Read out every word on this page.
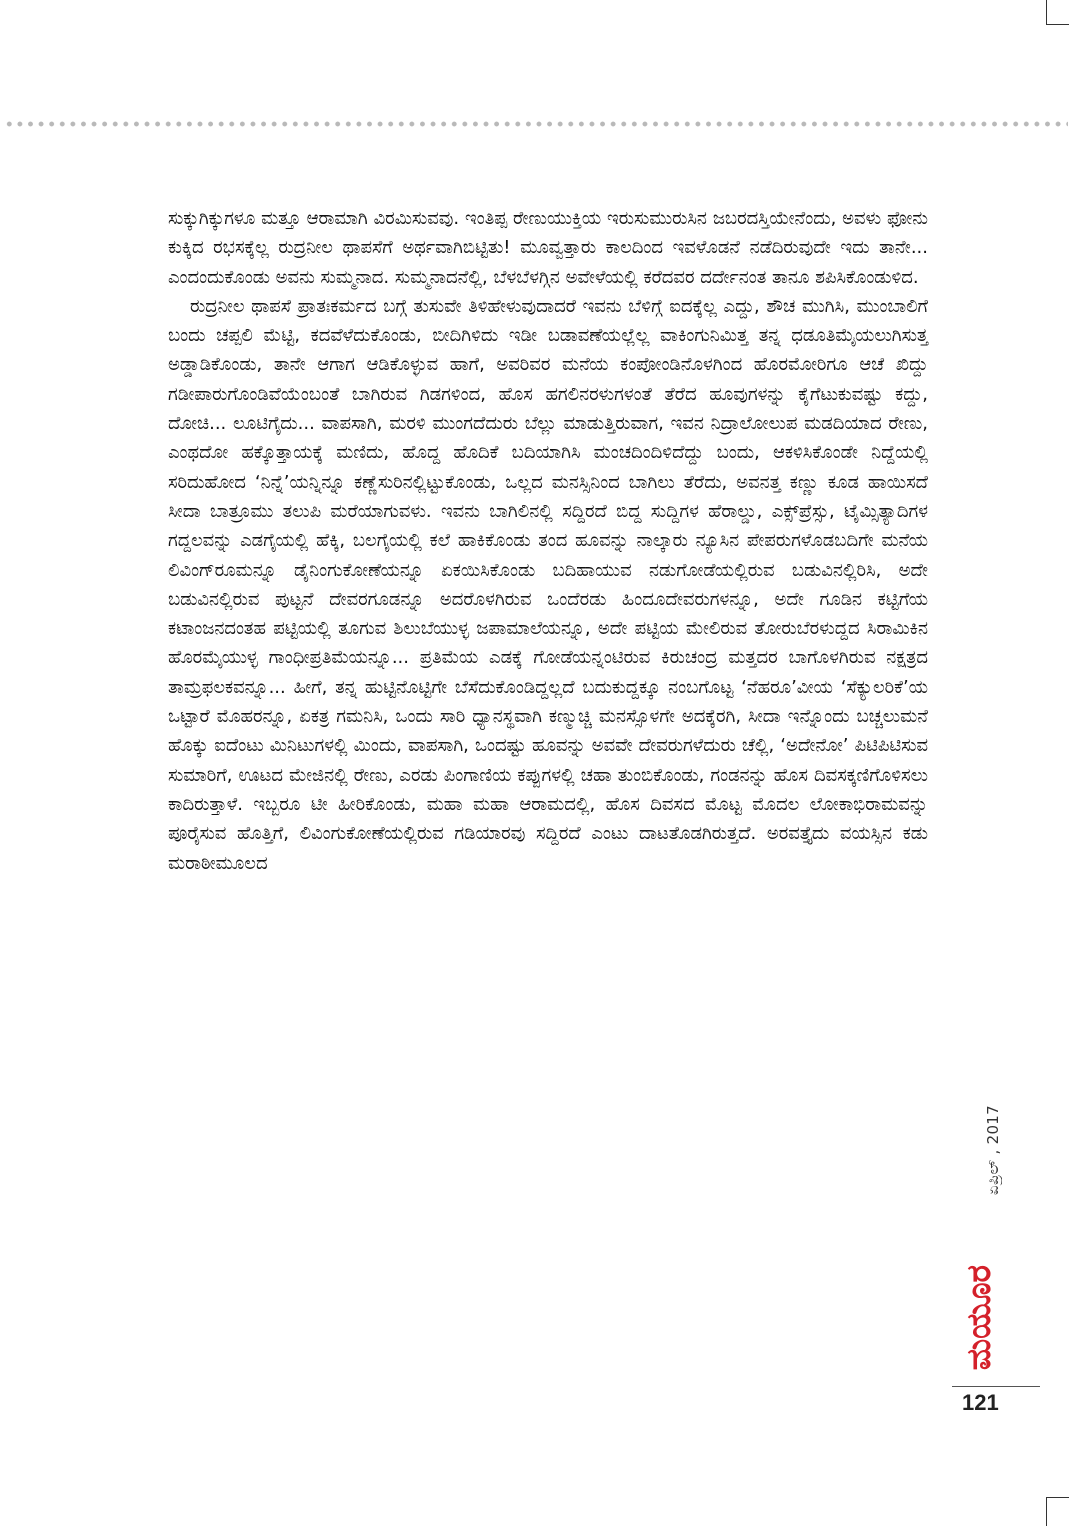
ಸುಕ್ಕುಗಿಕ್ಕುಗಳೂ ಮತ್ತೂ ಆರಾಮಾಗಿ ವಿರಮಿಸುವವು. ಇಂತಿಪ್ಪ ರೇಣುಯುಕ್ತಿಯ ಇರುಸುಮುರುಸಿನ ಜಬರದಸ್ತಿಯೇನೆಂದು, ಅವಳು ಫೋನು ಕುಕ್ಕಿದ ರಭಸಕ್ಕೆಲ್ಲ ರುದ್ರನೀಲ ಥಾಪಸೆಗೆ ಅರ್ಥವಾಗಿಬಿಟ್ಟಿತು! ಮೂವ್ವತ್ತಾರು ಕಾಲದಿಂದ ಇವಳೊಡನೆ ನಡೆದಿರುವುದೇ ಇದು ತಾನೇ... ಎಂದಂದುಕೊಂಡು ಅವನು ಸುಮ್ಮನಾದ. ಸುಮ್ಮನಾದನೆಲ್ಲಿ, ಬೆಳಬೆಳಗ್ಗಿನ ಅವೇಳೆಯಲ್ಲಿ ಕರೆದವರ ದರ್ದೇನಂತ ತಾನೂ ಶಪಿಸಿಕೊಂಡುಳಿದ.

ರುದ್ರನೀಲ ಥಾಪಸೆ ಪ್ರಾತಃಕರ್ಮದ ಬಗ್ಗೆ ತುಸುವೇ ತಿಳಿಹೇಳುವುದಾದರೆ ಇವನು ಬೆಳಿಗ್ಗೆ ಐದಕ್ಕೆಲ್ಲ ಎದ್ದು, ಶೌಚ ಮುಗಿಸಿ, ಮುಂಬಾಲಿಗೆ ಬಂದು ಚಪ್ಪಲಿ ಮೆಟ್ಟಿ, ಕದವೆಳೆದುಕೊಂಡು, ಬೀದಿಗಿಳಿದು ಇಡೀ ಬಡಾವಣೆಯಲ್ಲೆಲ್ಲ ವಾಕಿಂಗುನಿಮಿತ್ತ ತನ್ನ ಧಡೂತಿಮೈಯಲುಗಿಸುತ್ತ ಅಡ್ಡಾಡಿಕೊಂಡು, ತಾನೇ ಆಗಾಗ ಆಡಿಕೊಳ್ಳುವ ಹಾಗೆ, ಅವರಿವರ ಮನೆಯ ಕಂಪೋಂಡಿನೊಳಗಿಂದ ಹೊರಮೋರಿಗೂ ಆಚೆ ಖಿದ್ದು ಗಡೀಪಾರುಗೊಂಡಿವೆಯೆಂಬಂತೆ ಬಾಗಿರುವ ಗಿಡಗಳಿಂದ, ಹೊಸ ಹಗಲಿನರಳುಗಳಂತೆ ತೆರೆದ ಹೂವುಗಳನ್ನು ಕೈಗೆಟುಕುವಷ್ಟು ಕದ್ದು, ದೋಚಿ... ಲೂಟಿಗೈದು... ವಾಪಸಾಗಿ, ಮರಳಿ ಮುಂಗದೆದುರು ಬೆಲ್ಲು ಮಾಡುತ್ತಿರುವಾಗ, ಇವನ ನಿದ್ರಾಲೋಲುಪ ಮಡದಿಯಾದ ರೇಣು, ಎಂಥದೋ ಹಕ್ಕೊತ್ತಾಯಕ್ಕೆ ಮಣಿದು, ಹೊದ್ದ ಹೊದಿಕೆ ಬದಿಯಾಗಿಸಿ ಮಂಚದಿಂದಿಳಿದೆದ್ದು ಬಂದು, ಆಕಳಿಸಿಕೊಂಡೇ ನಿದ್ದೆಯಲ್ಲಿ ಸರಿದುಹೋದ ‘ನಿನ್ನೆ’ಯನ್ನಿನ್ನೂ ಕಣ್ಣೆಸುರಿನಲ್ಲಿಟ್ಟುಕೊಂಡು, ಒಲ್ಲದ ಮನಸ್ಸಿನಿಂದ ಬಾಗಿಲು ತೆರೆದು, ಅವನತ್ತ ಕಣ್ಣು ಕೂಡ ಹಾಯಿಸದೆ ಸೀದಾ ಬಾತ್ರೂಮು ತಲುಪಿ ಮರೆಯಾಗುವಳು. ಇವನು ಬಾಗಿಲಿನಲ್ಲಿ ಸದ್ದಿರದೆ ಬಿದ್ದ ಸುದ್ದಿಗಳ ಹೆರಾಲ್ಡು, ಎಕ್ಸ್‌ಪ್ರೆಸ್ಸು, ಟೈಮ್ಸಿತ್ಯಾದಿಗಳ ಗದ್ದಲವನ್ನು ಎಡಗೈಯಲ್ಲಿ ಹೆಕ್ಕಿ, ಬಲಗೈಯಲ್ಲಿ ಕಲೆ ಹಾಕಿಕೊಂಡು ತಂದ ಹೂವನ್ನು ನಾಲ್ಕಾರು ನ್ಯೂಸಿನ ಪೇಪರುಗಳೊಡಬದಿಗೇ ಮನೆಯ ಲಿವಿಂಗ್‌ರೂಮನ್ನೂ ಡೈನಿಂಗುಕೋಣೆಯನ್ನೂ ಏಕಯಿಸಿಕೊಂಡು ಬದಿಹಾಯುವ ನಡುಗೋಡೆಯಲ್ಲಿರುವ ಬಡುವಿನಲ್ಲಿರಿಸಿ, ಅದೇ ಬಡುವಿನಲ್ಲಿರುವ ಪುಟ್ಟನೆ ದೇವರಗೂಡನ್ನೂ ಅದರೊಳಗಿರುವ ಒಂದೆರಡು ಹಿಂದೂದೇವರುಗಳನ್ನೂ, ಅದೇ ಗೂಡಿನ ಕಟ್ಟಿಗೆಯ ಕಟಾಂಜನದಂತಹ ಪಟ್ಟಿಯಲ್ಲಿ ತೂಗುವ ಶಿಲುಬೆಯುಳ್ಳ ಜಪಾಮಾಲೆಯನ್ನೂ, ಅದೇ ಪಟ್ಟಿಯ ಮೇಲಿರುವ ತೋರುಬೆರಳುದ್ದದ ಸಿರಾಮಿಕಿನ ಹೊರಮೈಯುಳ್ಳ ಗಾಂಧೀಪ್ರತಿಮೆಯನ್ನೂ... ಪ್ರತಿಮೆಯ ಎಡಕ್ಕೆ ಗೋಡೆಯನ್ನಂಟಿರುವ ಕಿರುಚಂದ್ರ ಮತ್ತದರ ಬಾಗೊಳಗಿರುವ ನಕ್ಷತ್ರದ ತಾಮ್ರಫಲಕವನ್ನೂ... ಹೀಗೆ, ತನ್ನ ಹುಟ್ಟಿನೊಟ್ಟಿಗೇ ಬೆಸೆದುಕೊಂಡಿದ್ದಲ್ಲದೆ ಬದುಕುದ್ದಕ್ಕೂ ನಂಬಗೊಟ್ಟ ‘ನೆಹರೂ’ವೀಯ ‘ಸೆಕ್ಯುಲರಿಕೆ’ಯ ಒಟ್ಟಾರೆ ಮೊಹರನ್ನೂ, ಏಕತ್ರ ಗಮನಿಸಿ, ಒಂದು ಸಾರಿ ಧ್ಯಾನಸ್ಥವಾಗಿ ಕಣ್ಮುಚ್ಚಿ ಮನಸ್ಸೊಳಗೇ ಅದಕ್ಕೆರಗಿ, ಸೀದಾ ಇನ್ನೊಂದು ಬಚ್ಚಲುಮನೆ ಹೊಕ್ಕು ಐದೆಂಟು ಮಿನಿಟುಗಳಲ್ಲಿ ಮಿಂದು, ವಾಪಸಾಗಿ, ಒಂದಷ್ಟು ಹೂವನ್ನು ಅವವೇ ದೇವರುಗಳೆದುರು ಚೆಲ್ಲಿ, ‘ಅದೇನೋ’ ಪಿಟಿಪಿಟಿಸುವ ಸುಮಾರಿಗೆ, ಊಟದ ಮೇಜಿನಲ್ಲಿ ರೇಣು, ಎರಡು ಪಿಂಗಾಣಿಯ ಕಪ್ಪುಗಳಲ್ಲಿ ಚಹಾ ತುಂಬಿಕೊಂಡು, ಗಂಡನನ್ನು ಹೊಸ ದಿವಸಕ್ಕಣಿಗೊಳಿಸಲು ಕಾದಿರುತ್ತಾಳೆ. ಇಬ್ಬರೂ ಟೀ ಹೀರಿಕೊಂಡು, ಮಹಾ ಮಹಾ ಆರಾಮದಲ್ಲಿ, ಹೊಸ ದಿವಸದ ಮೊಟ್ಟ ಮೊದಲ ಲೋಕಾಭಿರಾಮವನ್ನು ಪೂರೈಸುವ ಹೊತ್ತಿಗೆ, ಲಿವಿಂಗುಕೋಣೆಯಲ್ಲಿರುವ ಗಡಿಯಾರವು ಸದ್ದಿರದೆ ಎಂಟು ದಾಟತೊಡಗಿರುತ್ತದೆ. ಅರವತ್ತೈದು ವಯಸ್ಸಿನ ಕಡು ಮರಾಠೀಮೂಲದ

ಏಪ್ರಿಲ್ , 2017
ಮಯೂರ
121
